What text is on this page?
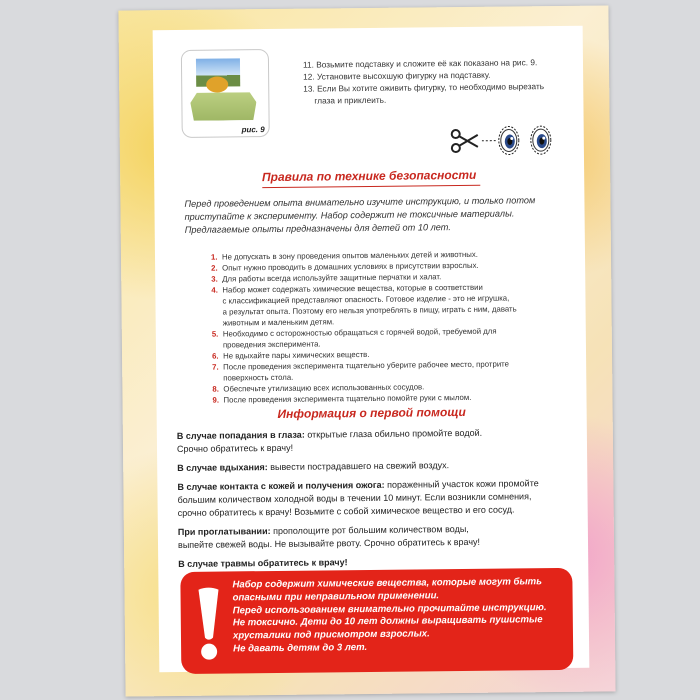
рис. 9
11. Возьмите подставку и сложите её как показано на рис. 9.
12. Установите высохшую фигурку на подставку.
13. Если Вы хотите оживить фигурку, то необходимо вырезать
глаза и приклеить.
Правила по технике безопасности
Перед проведением опыта внимательно изучите инструкцию, и только потом
приступайте к эксперименту. Набор содержит не токсичные материалы.
Предлагаемые опыты предназначены для детей от 10 лет.
1. Не допускать в зону проведения опытов маленьких детей и животных.
2. Опыт нужно проводить в домашних условиях в присутствии взрослых.
3. Для работы всегда используйте защитные перчатки и халат.
4. Набор может содержать химические вещества, которые в соответствии
с классификацией представляют опасность. Готовое изделие - это не игрушка,
а результат опыта. Поэтому его нельзя употреблять в пищу, играть с ним, давать
животным и маленьким детям.
5. Необходимо с осторожностью обращаться с горячей водой, требуемой для
проведения эксперимента.
6. Не вдыхайте пары химических веществ.
7. После проведения эксперимента тщательно уберите рабочее место, протрите
поверхность стола.
8. Обеспечьте утилизацию всех использованных сосудов.
9. После проведения эксперимента тщательно помойте руки с мылом.
Информация о первой помощи
В случае попадания в глаза: открытые глаза обильно промойте водой.
Срочно обратитесь к врачу!
В случае вдыхания: вывести пострадавшего на свежий воздух.
В случае контакта с кожей и получения ожога: пораженный участок кожи промойте
большим количеством холодной воды в течении 10 минут. Если возникли сомнения,
срочно обратитесь к врачу! Возьмите с собой химическое вещество и его сосуд.
При проглатывании: прополощите рот большим количеством воды,
выпейте свежей воды. Не вызывайте рвоту. Срочно обратитесь к врачу!
В случае травмы обратитесь к врачу!
Набор содержит химические вещества, которые могут быть
опасными при неправильном применении.
Перед использованием внимательно прочитайте инструкцию.
Не токсично. Дети до 10 лет должны выращивать пушистые
хрусталики под присмотром взрослых.
Не давать детям до 3 лет.
